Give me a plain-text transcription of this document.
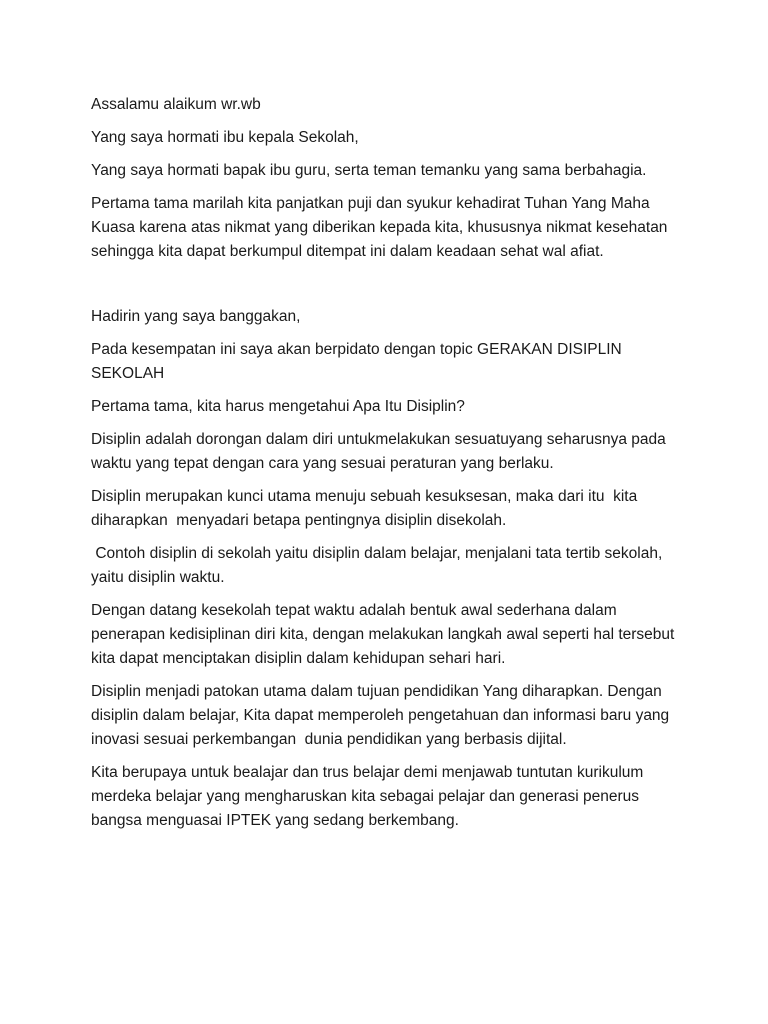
Assalamu alaikum wr.wb

Yang saya hormati ibu kepala Sekolah,

Yang saya hormati bapak ibu guru, serta teman temanku yang sama berbahagia.

Pertama tama marilah kita panjatkan puji dan syukur kehadirat Tuhan Yang Maha Kuasa karena atas nikmat yang diberikan kepada kita, khususnya nikmat kesehatan sehingga kita dapat berkumpul ditempat ini dalam keadaan sehat wal afiat.

Hadirin yang saya banggakan,

Pada kesempatan ini saya akan berpidato dengan topic GERAKAN DISIPLIN SEKOLAH

Pertama tama, kita harus mengetahui Apa Itu Disiplin?

Disiplin adalah dorongan dalam diri untukmelakukan sesuatuyang seharusnya pada waktu yang tepat dengan cara yang sesuai peraturan yang berlaku.

Disiplin merupakan kunci utama menuju sebuah kesuksesan, maka dari itu  kita diharapkan  menyadari betapa pentingnya disiplin disekolah.

Contoh disiplin di sekolah yaitu disiplin dalam belajar, menjalani tata tertib sekolah, yaitu disiplin waktu.

Dengan datang kesekolah tepat waktu adalah bentuk awal sederhana dalam penerapan kedisiplinan diri kita, dengan melakukan langkah awal seperti hal tersebut kita dapat menciptakan disiplin dalam kehidupan sehari hari.

Disiplin menjadi patokan utama dalam tujuan pendidikan Yang diharapkan. Dengan disiplin dalam belajar, Kita dapat memperoleh pengetahuan dan informasi baru yang inovasi sesuai perkembangan  dunia pendidikan yang berbasis dijital.

Kita berupaya untuk bealajar dan trus belajar demi menjawab tuntutan kurikulum merdeka belajar yang mengharuskan kita sebagai pelajar dan generasi penerus bangsa menguasai IPTEK yang sedang berkembang.
